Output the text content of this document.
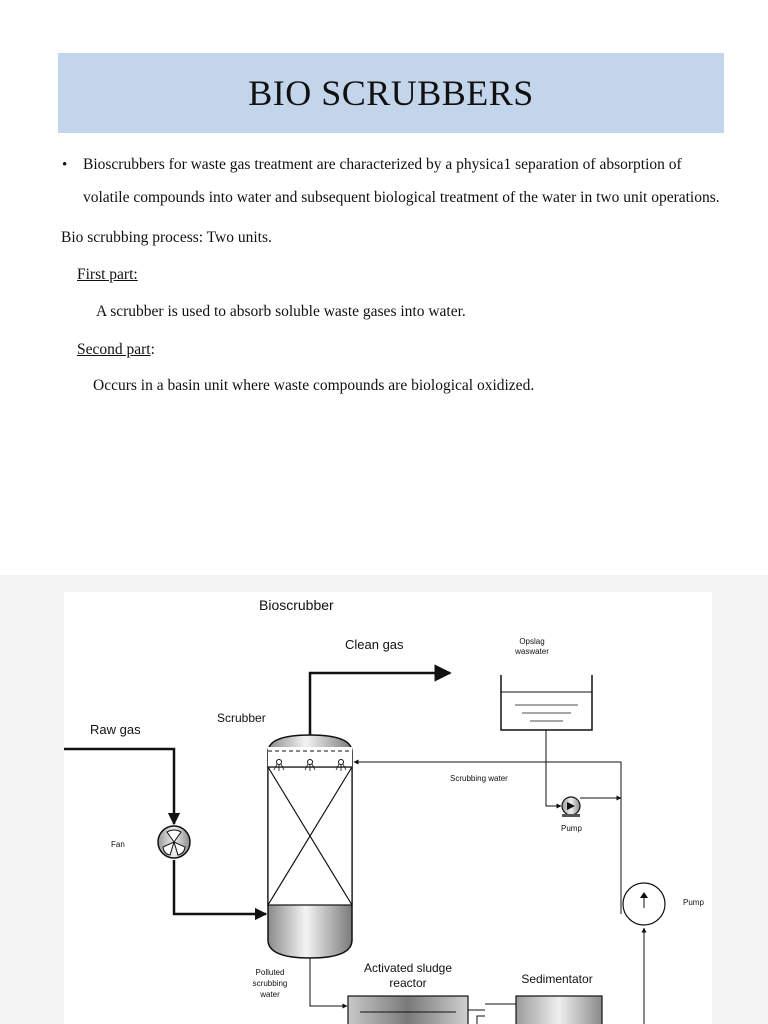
BIO SCRUBBERS
• Bioscrubbers for waste gas treatment are characterized by a physica1 separation of absorption of
volatile compounds into water and subsequent biological treatment of the water in two unit operations.
Bio scrubbing process: Two units.
First part:
A scrubber is used to absorb soluble waste gases into water.
Second part:
Occurs in a basin unit where waste compounds are biological oxidized.
Bioscrubber
Clean gas	Opslag
waswater
Raw gas
Scrubber
Scrubbing water
Pump
Fan
Pump
Polluted
scrubbing
water
Activated sludge
reactor	Sedimentator
